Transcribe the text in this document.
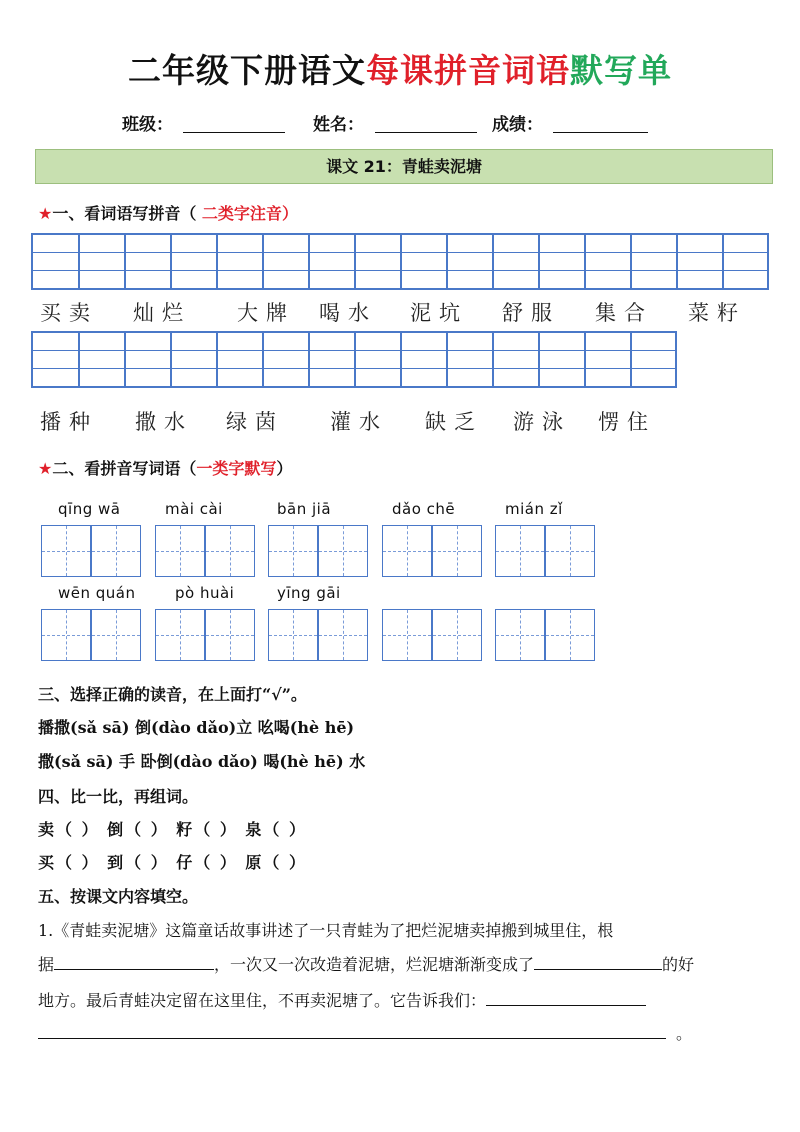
二年级下册语文每课拼音词语默写单
班级：	姓名：	成绩：
课文 21：青蛙卖泥塘
★一、看词语写拼音（ 二类字注音）
买卖 灿烂 大牌 喝水 泥坑 舒服 集合 菜籽
播种 撒水 绿茵 灌水 缺乏 游泳 愣住
★二、看拼音写词语（一类字默写）
qīng wā	mài cài	bān jiā	dǎo chē	mián zǐ
wēn quán	pò huài	yīng gāi
三、选择正确的读音，在上面打“√”。
播撒(sǎ sā) 倒(dào dǎo)立 吆喝(hè hē)
撒(sǎ sā) 手 卧倒(dào dǎo) 喝(hè hē) 水
四、比一比，再组词。
卖（ ） 倒（ ） 籽（ ） 泉（ ）
买（ ） 到（ ） 仔（ ） 原（ ）
五、按课文内容填空。
1.《青蛙卖泥塘》这篇童话故事讲述了一只青蛙为了把烂泥塘卖掉搬到城里住，根
据	，一次又一次改造着泥塘，烂泥塘渐渐变成了	的好
地方。最后青蛙决定留在这里住，不再卖泥塘了。它告诉我们：
。
